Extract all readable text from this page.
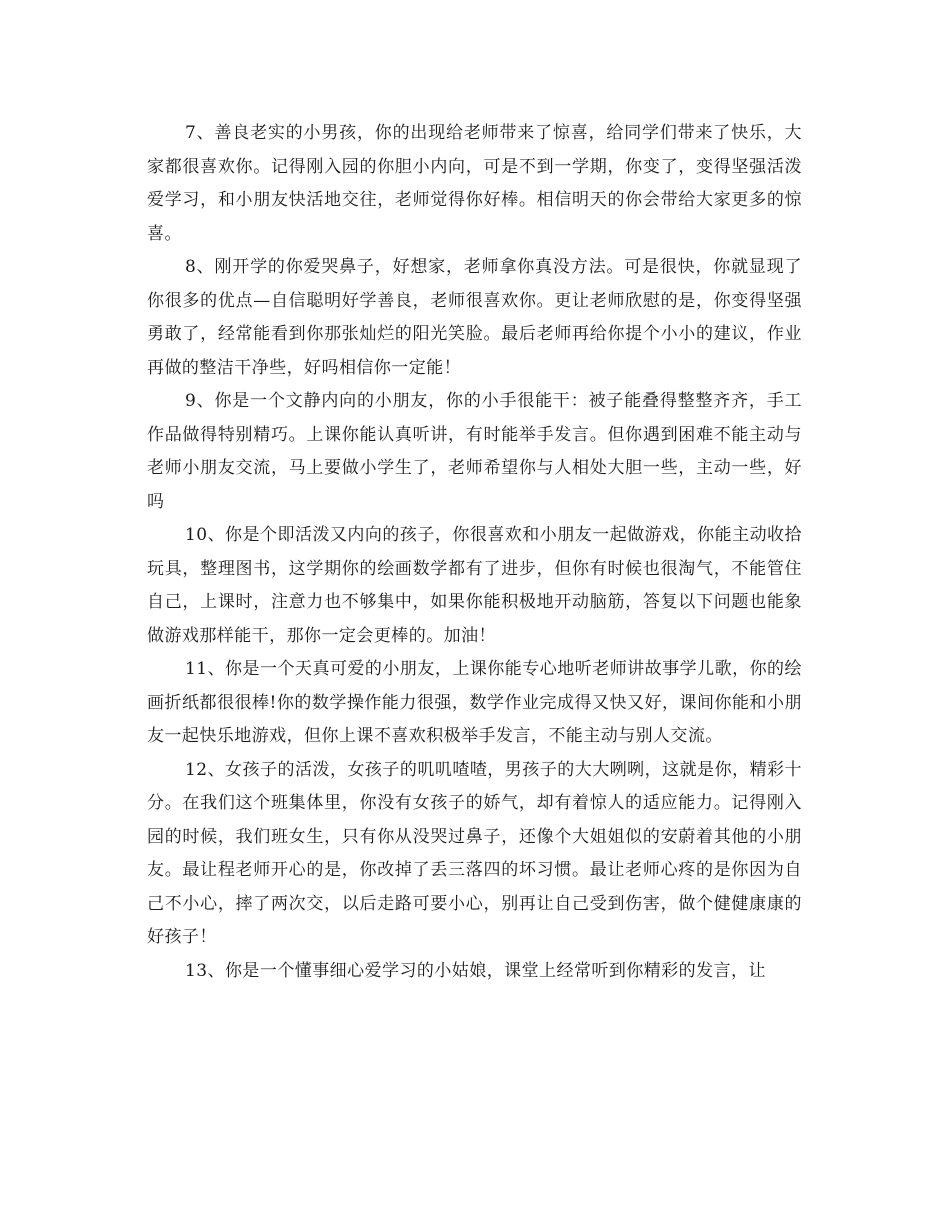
7、善良老实的小男孩，你的出现给老师带来了惊喜，给同学们带来了快乐，大家都很喜欢你。记得刚入园的你胆小内向，可是不到一学期，你变了，变得坚强活泼爱学习，和小朋友快活地交往，老师觉得你好棒。相信明天的你会带给大家更多的惊喜。

8、刚开学的你爱哭鼻子，好想家，老师拿你真没方法。可是很快，你就显现了你很多的优点—自信聪明好学善良，老师很喜欢你。更让老师欣慰的是，你变得坚强勇敢了，经常能看到你那张灿烂的阳光笑脸。最后老师再给你提个小小的建议，作业再做的整洁干净些，好吗相信你一定能！

9、你是一个文静内向的小朋友，你的小手很能干：被子能叠得整整齐齐，手工作品做得特别精巧。上课你能认真听讲，有时能举手发言。但你遇到困难不能主动与老师小朋友交流，马上要做小学生了，老师希望你与人相处大胆一些，主动一些，好吗

10、你是个即活泼又内向的孩子，你很喜欢和小朋友一起做游戏，你能主动收拾玩具，整理图书，这学期你的绘画数学都有了进步，但你有时候也很淘气，不能管住自己，上课时，注意力也不够集中，如果你能积极地开动脑筋，答复以下问题也能象做游戏那样能干，那你一定会更棒的。加油！

11、你是一个天真可爱的小朋友，上课你能专心地听老师讲故事学儿歌，你的绘画折纸都很很棒!你的数学操作能力很强，数学作业完成得又快又好，课间你能和小朋友一起快乐地游戏，但你上课不喜欢积极举手发言，不能主动与别人交流。

12、女孩子的活泼，女孩子的叽叽喳喳，男孩子的大大咧咧，这就是你，精彩十分。在我们这个班集体里，你没有女孩子的娇气，却有着惊人的适应能力。记得刚入园的时候，我们班女生，只有你从没哭过鼻子，还像个大姐姐似的安蔚着其他的小朋友。最让程老师开心的是，你改掉了丢三落四的坏习惯。最让老师心疼的是你因为自己不小心，摔了两次交，以后走路可要小心，别再让自己受到伤害，做个健健康康的好孩子！

13、你是一个懂事细心爱学习的小姑娘，课堂上经常听到你精彩的发言，让
